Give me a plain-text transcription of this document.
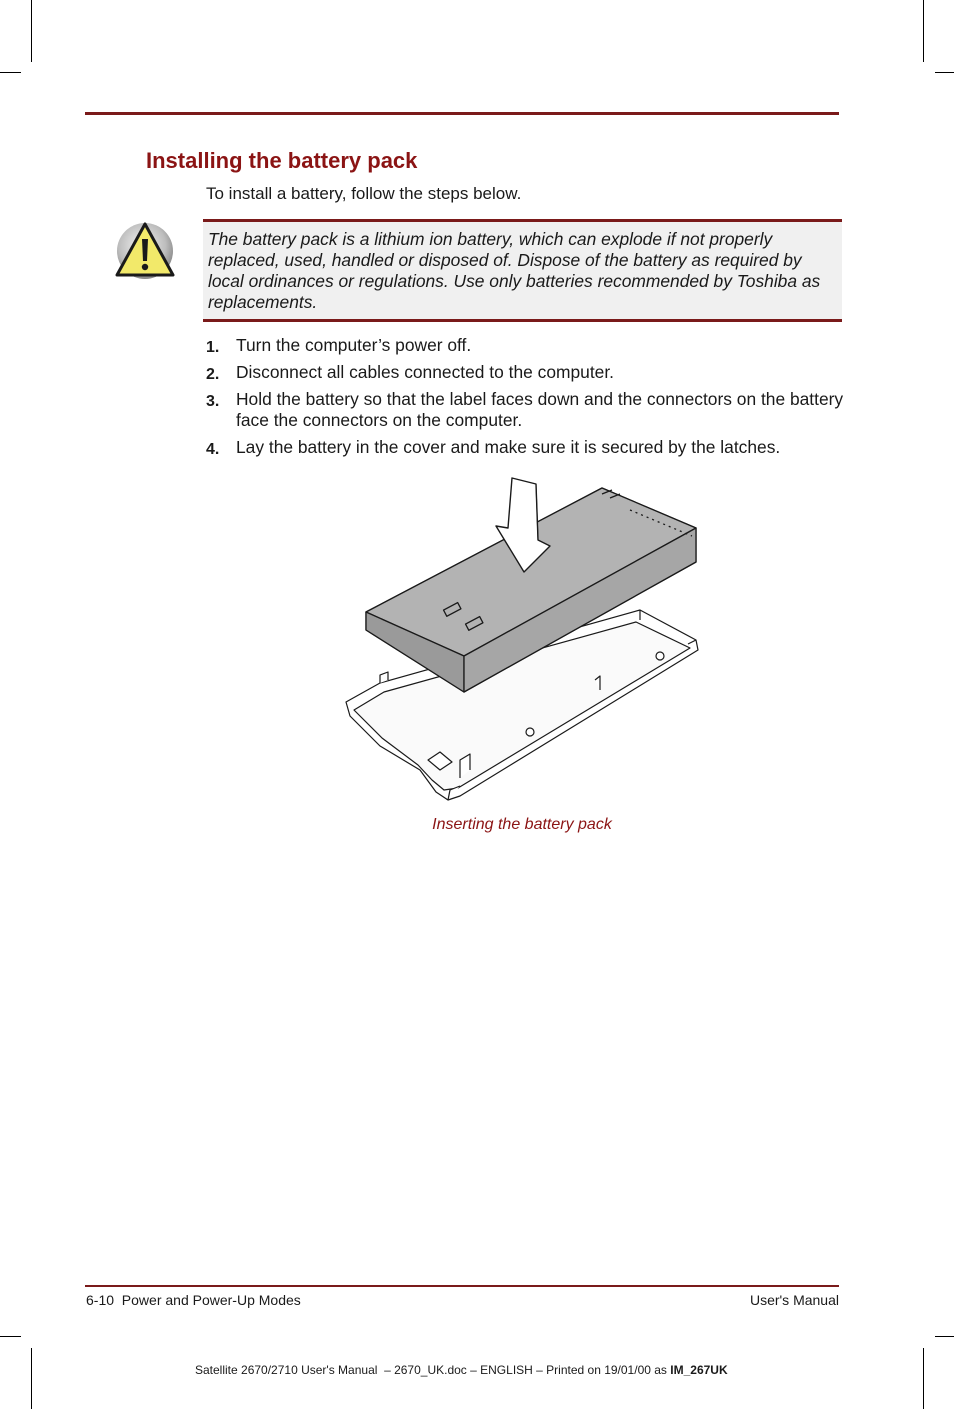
Installing the battery pack

To install a battery, follow the steps below.

The battery pack is a lithium ion battery, which can explode if not properly replaced, used, handled or disposed of. Dispose of the battery as required by local ordinances or regulations. Use only batteries recommended by Toshiba as replacements.

1. Turn the computer’s power off.
2. Disconnect all cables connected to the computer.
3. Hold the battery so that the label faces down and the connectors on the battery face the connectors on the computer.
4. Lay the battery in the cover and make sure it is secured by the latches.

Inserting the battery pack

6-10  Power and Power-Up Modes	User's Manual
Satellite 2670/2710 User's Manual  – 2670_UK.doc – ENGLISH – Printed on 19/01/00 as IM_267UK
